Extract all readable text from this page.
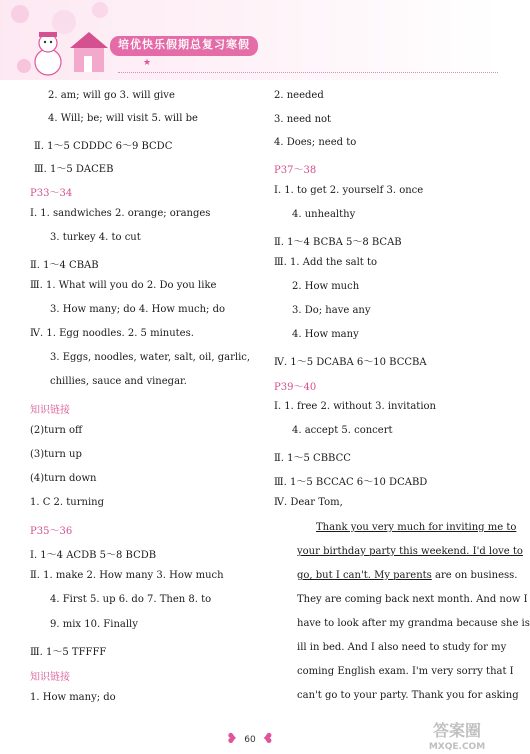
培优快乐假期总复习寒假
★
2. am; will go 3. will give
4. Will; be; will visit 5. will be
Ⅱ. 1～5 CDDDC 6～9 BCDC
Ⅲ. 1～5 DACEB
P33～34
Ⅰ. 1. sandwiches 2. orange; oranges
3. turkey 4. to cut
Ⅱ. 1～4 CBAB
Ⅲ. 1. What will you do 2. Do you like
3. How many; do 4. How much; do
Ⅳ. 1. Egg noodles. 2. 5 minutes.
3. Eggs, noodles, water, salt, oil, garlic,
chillies, sauce and vinegar.
知识链接
(2)turn off
(3)turn up
(4)turn down
1. C 2. turning
P35～36
Ⅰ. 1～4 ACDB 5～8 BCDB
Ⅱ. 1. make 2. How many 3. How much
9. mix 10. Finally
Ⅲ. 1～5 TFFFF
知识链接
1. How many; do
4. First 5. up 6. do 7. Then 8. to
2. needed
3. need not
4. Does; need to
P37～38
Ⅰ. 1. to get 2. yourself 3. once
4. unhealthy
Ⅱ. 1～4 BCBA 5～8 BCAB
Ⅲ. 1. Add the salt to
2. How much
3. Do; have any
4. How many
Ⅳ. 1～5 DCABA 6～10 BCCBA
P39～40
Ⅰ. 1. free 2. without 3. invitation
4. accept 5. concert
Ⅱ. 1～5 CBBCC
Ⅲ. 1～5 BCCAC 6～10 DCABD
Ⅳ. Dear Tom,
Thank you very much for inviting me to
your birthday party this weekend. I'd love to
go, but I can't. My parents are on business.
They are coming back next month. And now I
have to look after my grandma because she is
ill in bed. And I also need to study for my
coming English exam. I'm very sorry that I
can't go to your party. Thank you for asking
❥ 60 ❥	答案圈
MXQE.COM
